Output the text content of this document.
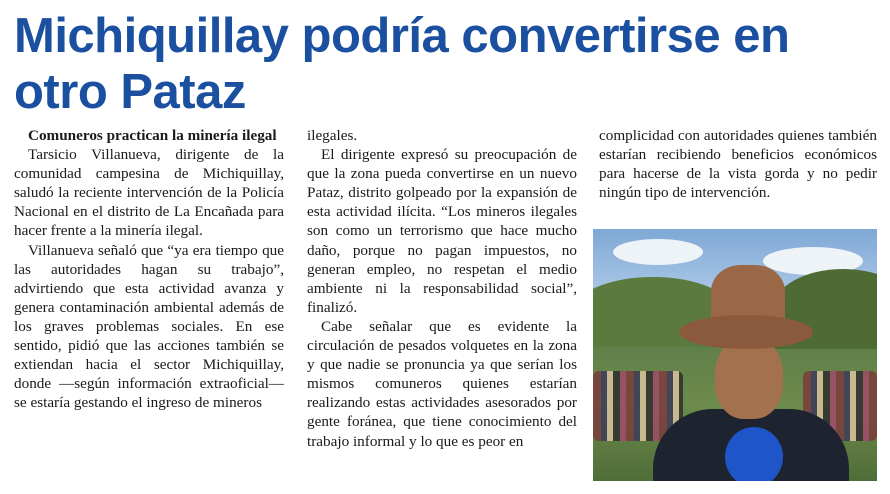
Michiquillay podría convertirse en
otro Pataz

Comuneros practican la minería ilegal

Tarsicio Villanueva, dirigente de la comunidad campesina de Michiquillay, saludó la reciente intervención de la Policía Nacional en el distrito de La Encañada para hacer frente a la minería ilegal.

Villanueva señaló que “ya era tiempo que las autoridades hagan su trabajo”, advirtiendo que esta actividad avanza y genera contaminación ambiental además de los graves problemas sociales. En ese sentido, pidió que las acciones también se extiendan hacia el sector Michiquillay, donde —según información extraoficial— se estaría gestando el ingreso de mineros

ilegales.

El dirigente expresó su preocupación de que la zona pueda convertirse en un nuevo Pataz, distrito golpeado por la expansión de esta actividad ilícita. “Los mineros ilegales son como un terrorismo que hace mucho daño, porque no pagan impuestos, no generan empleo, no respetan el medio ambiente ni la responsabilidad social”, finalizó.

Cabe señalar que es evidente la circulación de pesados volquetes en la zona y que nadie se pronuncia ya que serían los mismos comuneros quienes estarían realizando estas actividades asesorados por gente foránea, que tiene conocimiento del trabajo informal y lo que es peor en

complicidad con autoridades quienes también estarían recibiendo beneficios económicos para hacerse de la vista gorda y no pedir ningún tipo de intervención.
